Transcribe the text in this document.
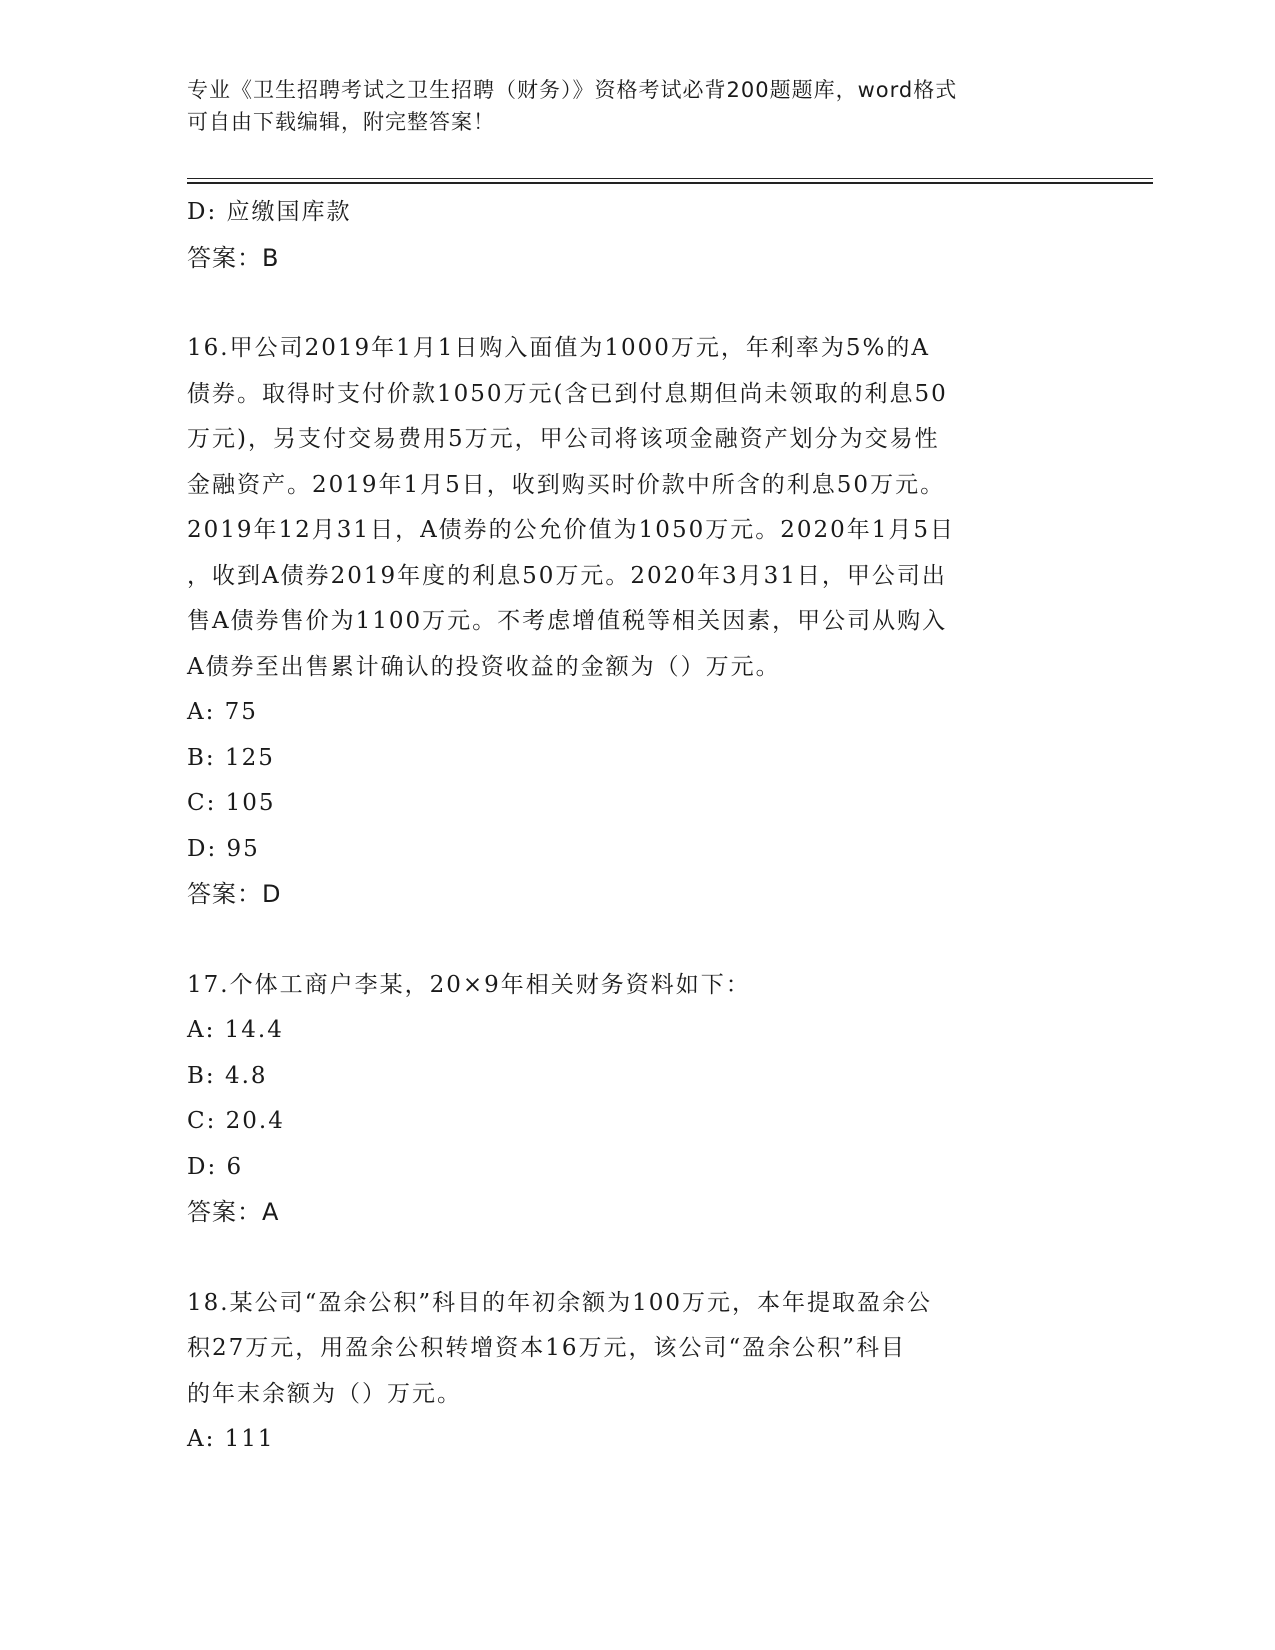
专业《卫生招聘考试之卫生招聘（财务）》资格考试必背200题题库，word格式
可自由下载编辑，附完整答案！
D: 应缴国库款
答案：B
16.甲公司2019年1月1日购入面值为1000万元，年利率为5%的A
债券。取得时支付价款1050万元(含已到付息期但尚未领取的利息50
万元)，另支付交易费用5万元，甲公司将该项金融资产划分为交易性
金融资产。2019年1月5日，收到购买时价款中所含的利息50万元。
2019年12月31日，A债券的公允价值为1050万元。2020年1月5日
，收到A债券2019年度的利息50万元。2020年3月31日，甲公司出
售A债券售价为1100万元。不考虑增值税等相关因素，甲公司从购入
A债券至出售累计确认的投资收益的金额为（）万元。
A: 75
B: 125
C: 105
D: 95
答案：D
17.个体工商户李某，20×9年相关财务资料如下：
A: 14.4
B: 4.8
C: 20.4
D: 6
答案：A
18.某公司“盈余公积”科目的年初余额为100万元，本年提取盈余公
积27万元，用盈余公积转增资本16万元，该公司“盈余公积”科目
的年末余额为（）万元。
A: 111
